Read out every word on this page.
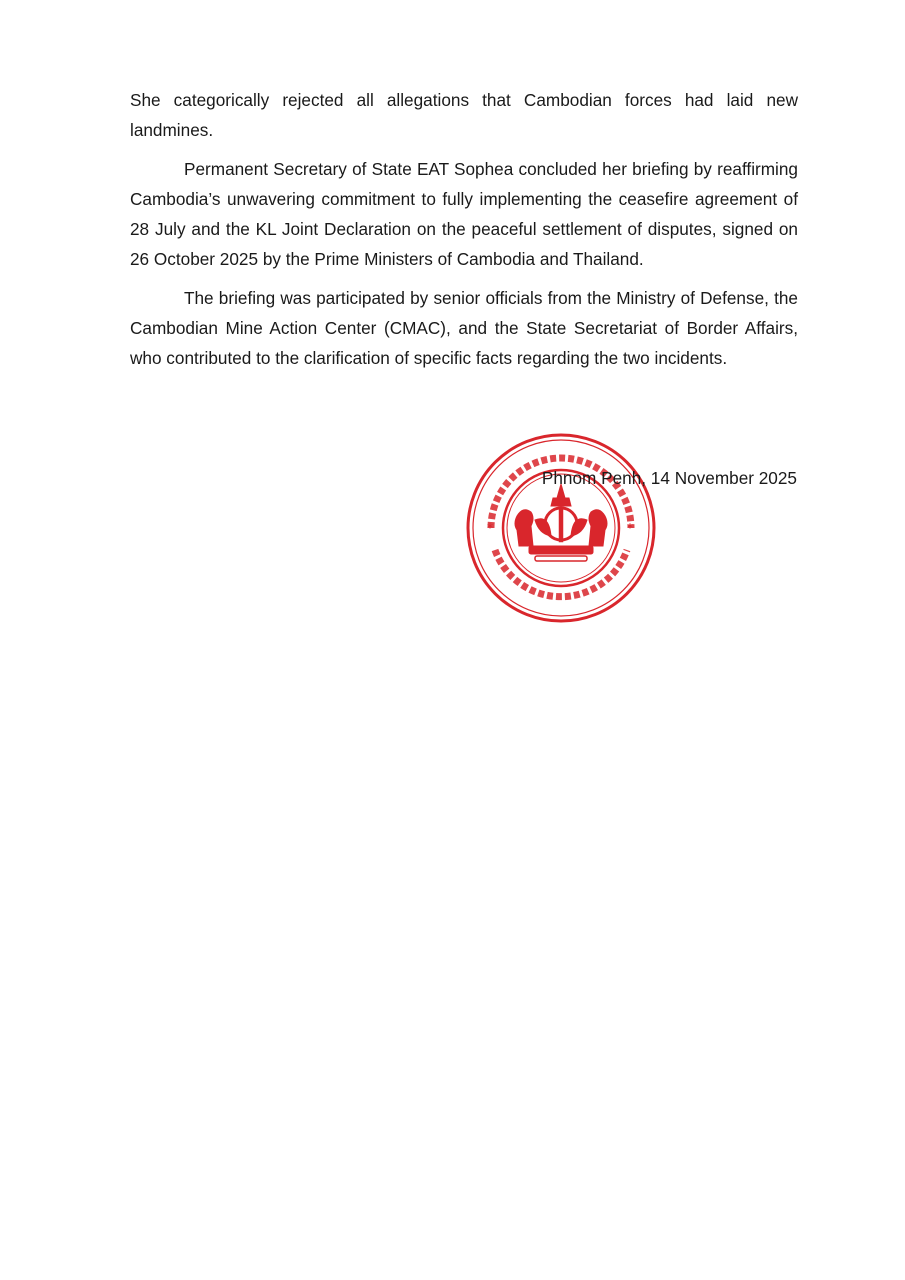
She categorically rejected all allegations that Cambodian forces had laid new landmines.

Permanent Secretary of State EAT Sophea concluded her briefing by reaffirming Cambodia’s unwavering commitment to fully implementing the ceasefire agreement of 28 July and the KL Joint Declaration on the peaceful settlement of disputes, signed on 26 October 2025 by the Prime Ministers of Cambodia and Thailand.

The briefing was participated by senior officials from the Ministry of Defense, the Cambodian Mine Action Center (CMAC), and the State Secretariat of Border Affairs, who contributed to the clarification of specific facts regarding the two incidents.

*	*
Phnom Penh, 14 November 2025
